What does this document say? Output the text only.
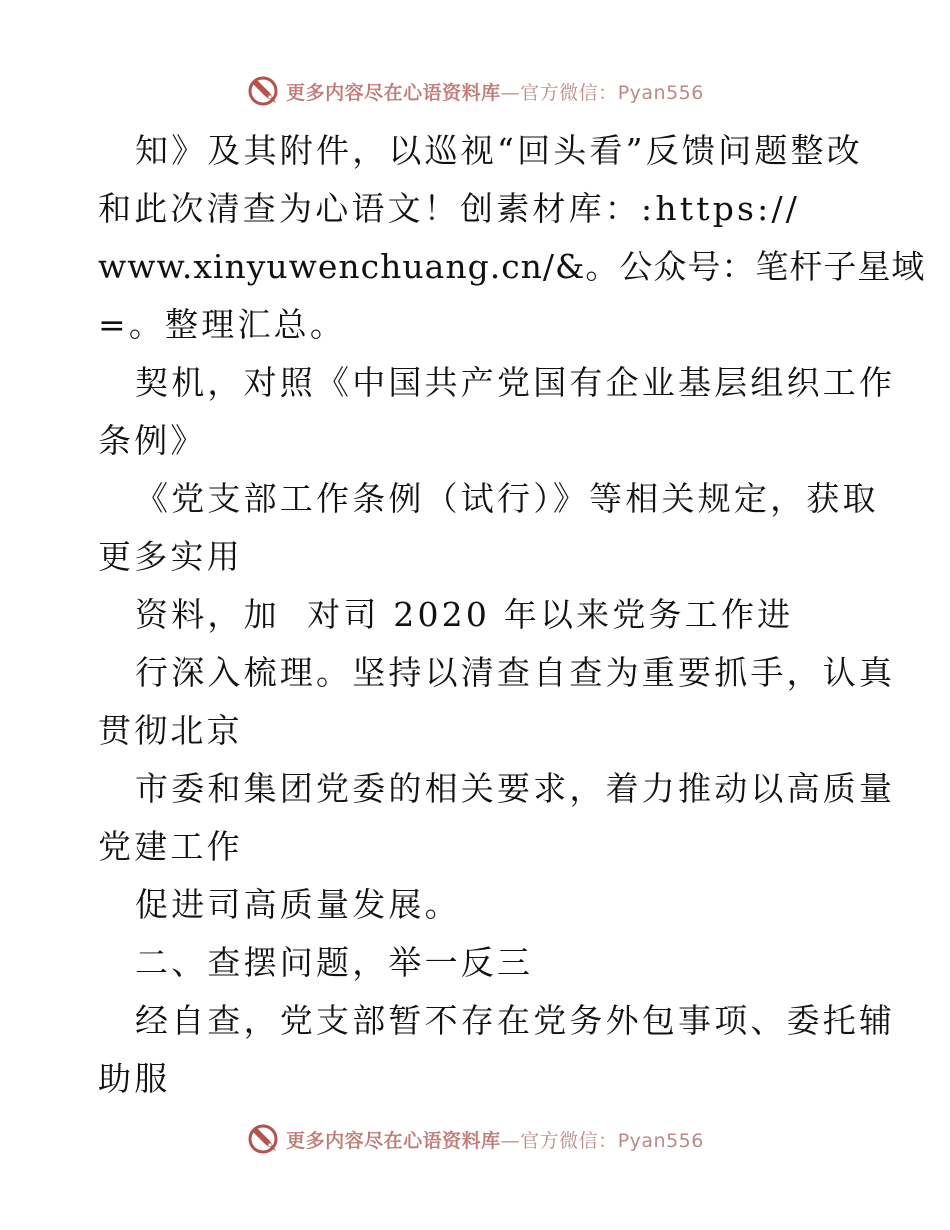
更多内容尽在心语资料库—官方微信：Pyan556
知》及其附件，以巡视“回头看”反馈问题整改
和此次清查为心语文！创素材库：:https://
www.xinyuwenchuang.cn/&。公众号：笔杆子星域
=。整理汇总。
契机，对照《中国共产党国有企业基层组织工作
条例》
《党支部工作条例（试行）》等相关规定，获取
更多实用
资料，加  对司 2020 年以来党务工作进
行深入梳理。坚持以清查自查为重要抓手，认真
贯彻北京
市委和集团党委的相关要求，着力推动以高质量
党建工作
促进司高质量发展。
二、查摆问题，举一反三
经自查，党支部暂不存在党务外包事项、委托辅
助服
更多内容尽在心语资料库—官方微信：Pyan556
